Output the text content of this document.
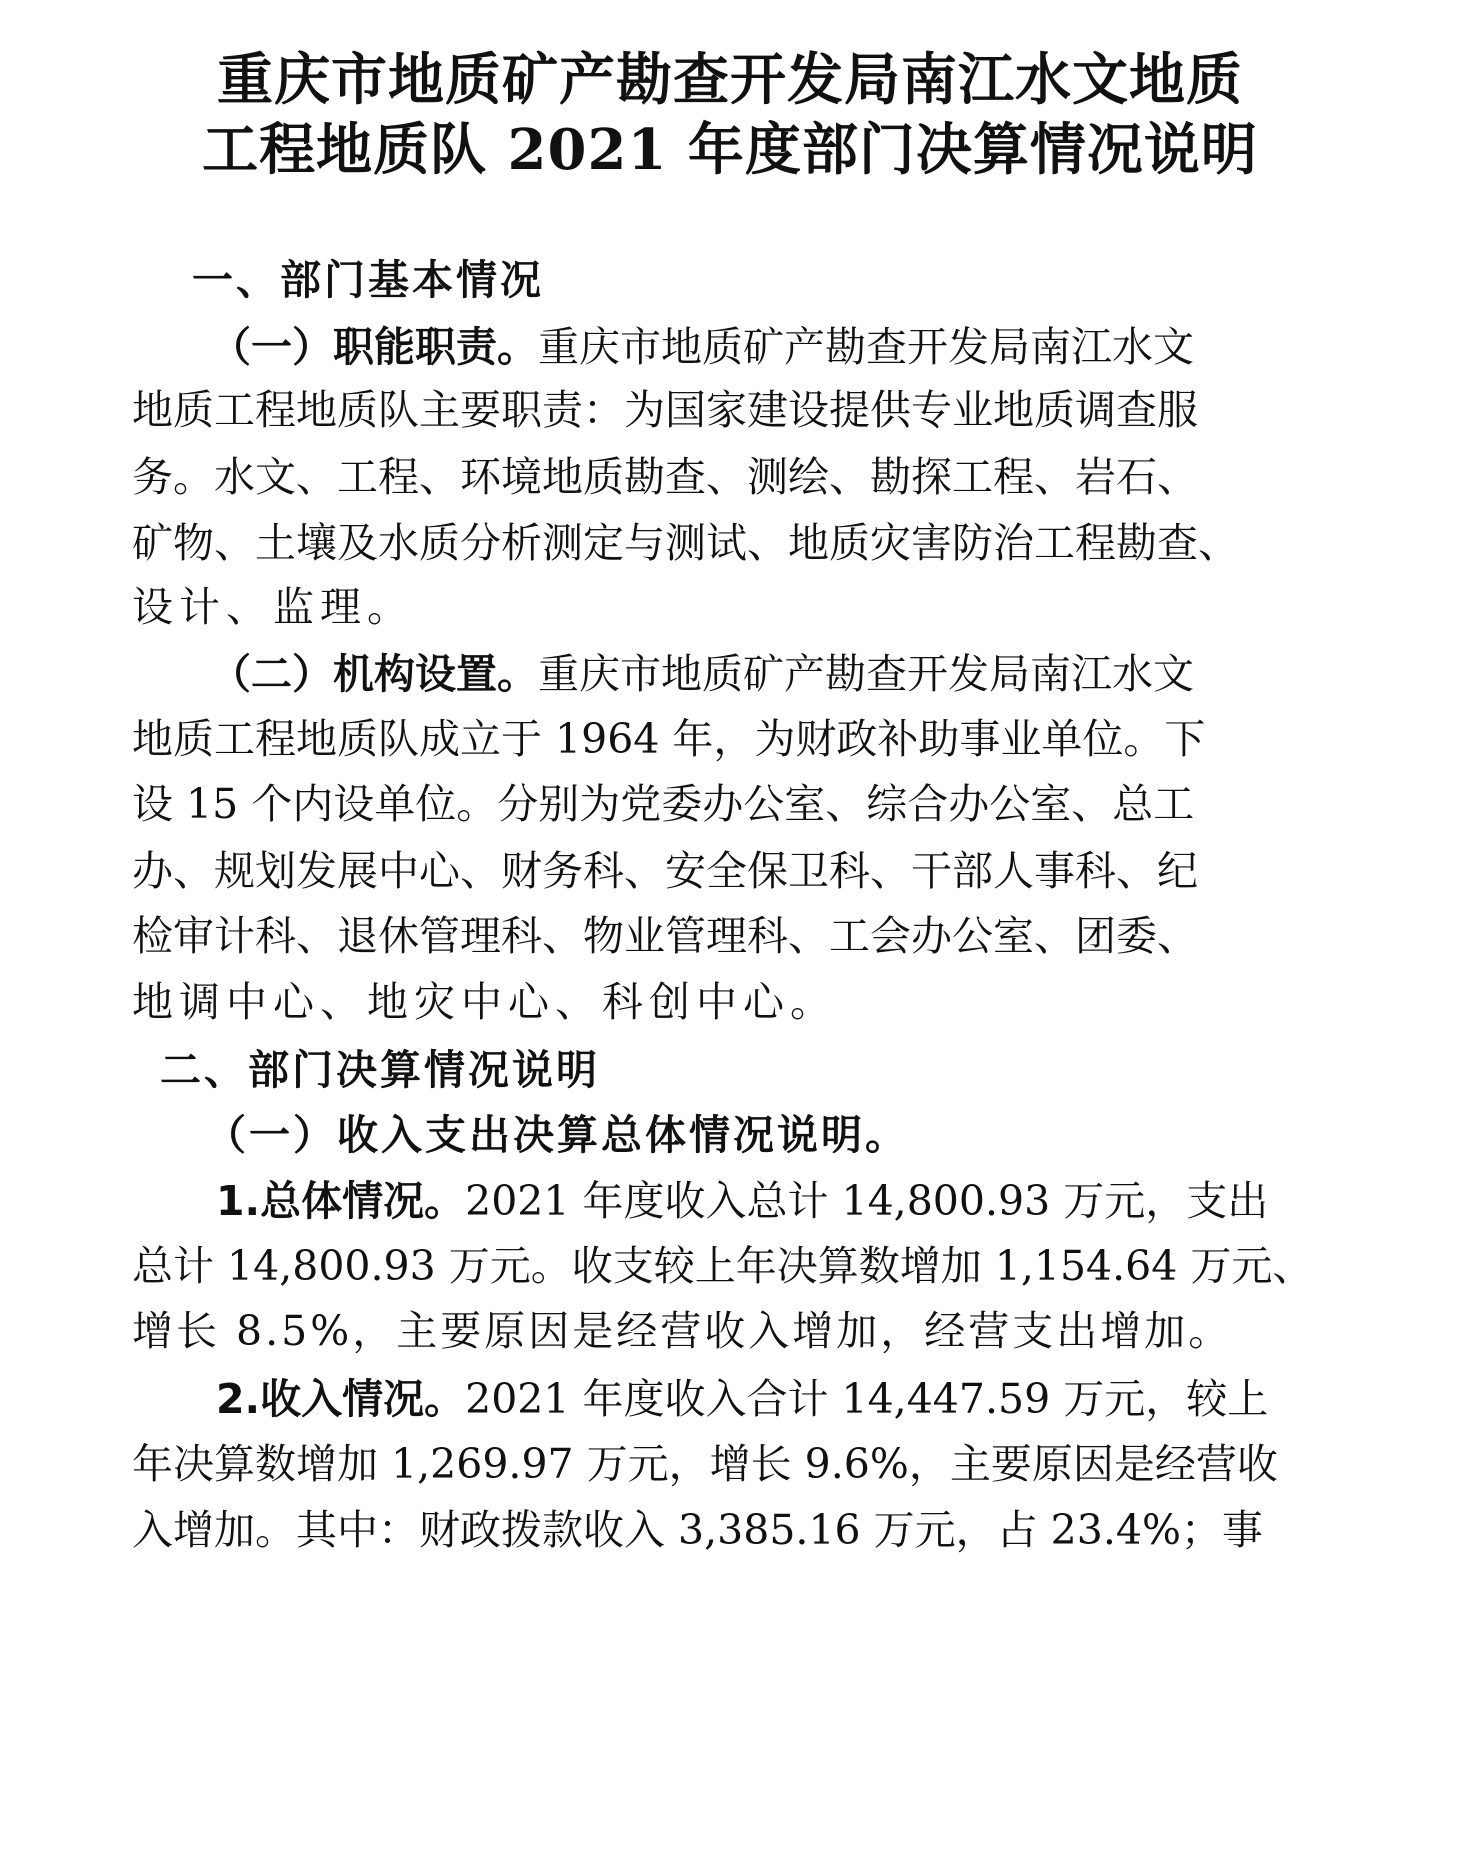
重庆市地质矿产勘查开发局南江水文地质
工程地质队 2021 年度部门决算情况说明
一、部门基本情况
（一）职能职责。重庆市地质矿产勘查开发局南江水文
地质工程地质队主要职责：为国家建设提供专业地质调查服
务。水文、工程、环境地质勘查、测绘、勘探工程、岩石、
矿物、土壤及水质分析测定与测试、地质灾害防治工程勘查、
设计、监理。
（二）机构设置。重庆市地质矿产勘查开发局南江水文
地质工程地质队成立于 1964 年，为财政补助事业单位。下
设 15 个内设单位。分别为党委办公室、综合办公室、总工
办、规划发展中心、财务科、安全保卫科、干部人事科、纪
检审计科、退休管理科、物业管理科、工会办公室、团委、
地调中心、地灾中心、科创中心。
二、部门决算情况说明
（一）收入支出决算总体情况说明。
1.总体情况。2021 年度收入总计 14,800.93 万元，支出
总计 14,800.93 万元。收支较上年决算数增加 1,154.64 万元、
增长 8.5%，主要原因是经营收入增加，经营支出增加。
2.收入情况。2021 年度收入合计 14,447.59 万元，较上
年决算数增加 1,269.97 万元，增长 9.6%，主要原因是经营收
入增加。其中：财政拨款收入 3,385.16 万元，占 23.4%；事
